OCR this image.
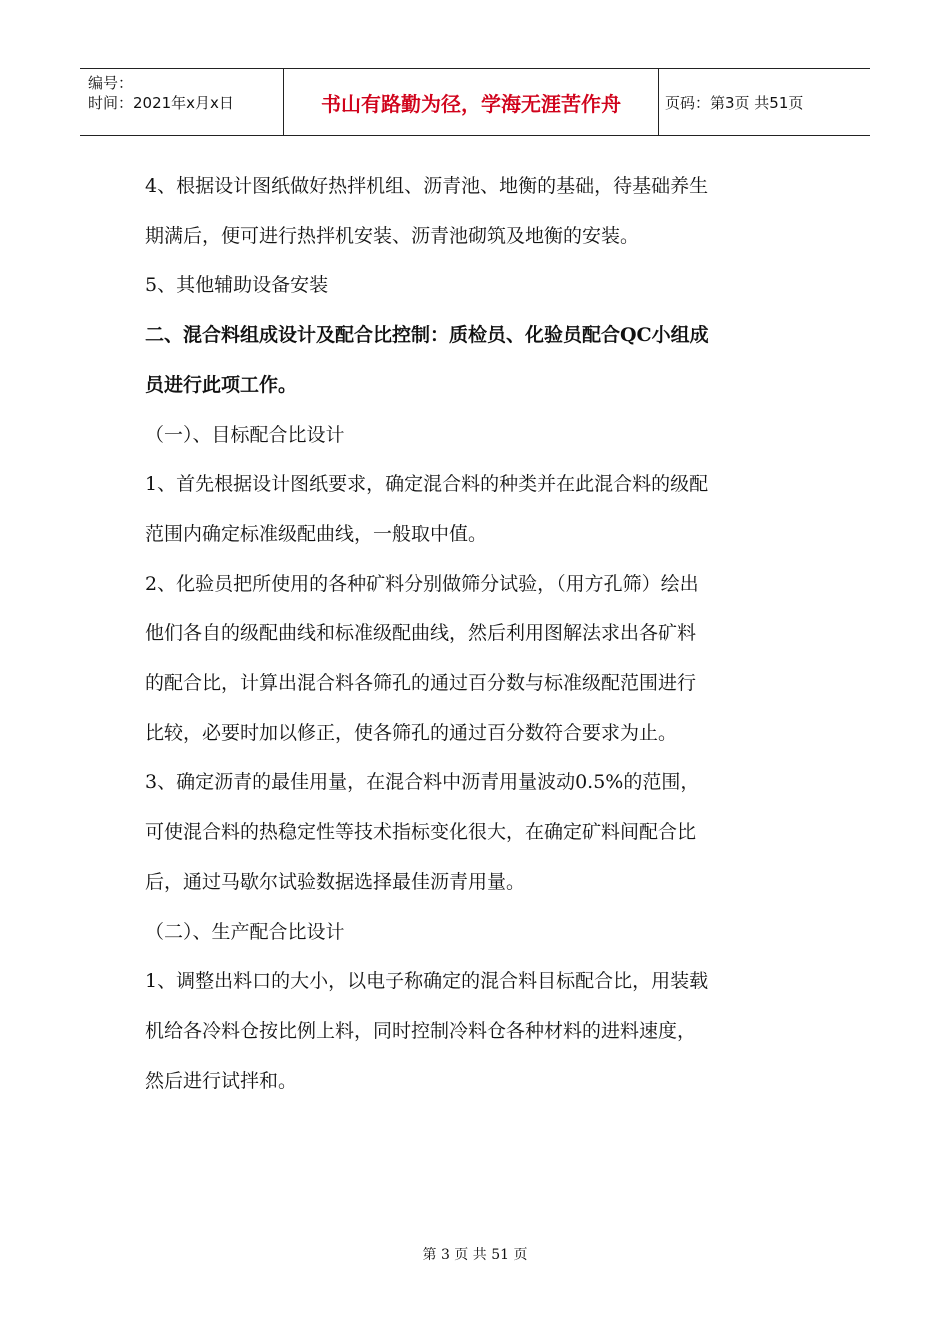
编号：
时间：2021年x月x日	书山有路勤为径，学海无涯苦作舟	页码：第3页 共51页

4、根据设计图纸做好热拌机组、沥青池、地衡的基础，待基础养生

期满后，便可进行热拌机安装、沥青池砌筑及地衡的安装。

5、其他辅助设备安装

二、混合料组成设计及配合比控制：质检员、化验员配合QC小组成

员进行此项工作。

（一）、目标配合比设计

1、首先根据设计图纸要求，确定混合料的种类并在此混合料的级配

范围内确定标准级配曲线，一般取中值。

2、化验员把所使用的各种矿料分别做筛分试验，（用方孔筛）绘出

他们各自的级配曲线和标准级配曲线，然后利用图解法求出各矿料

的配合比，计算出混合料各筛孔的通过百分数与标准级配范围进行

比较，必要时加以修正，使各筛孔的通过百分数符合要求为止。

3、确定沥青的最佳用量，在混合料中沥青用量波动0.5%的范围，

可使混合料的热稳定性等技术指标变化很大，在确定矿料间配合比

后，通过马歇尔试验数据选择最佳沥青用量。

（二）、生产配合比设计

1、调整出料口的大小，以电子称确定的混合料目标配合比，用装载

机给各冷料仓按比例上料，同时控制冷料仓各种材料的进料速度，

然后进行试拌和。

第 3 页 共 51 页
